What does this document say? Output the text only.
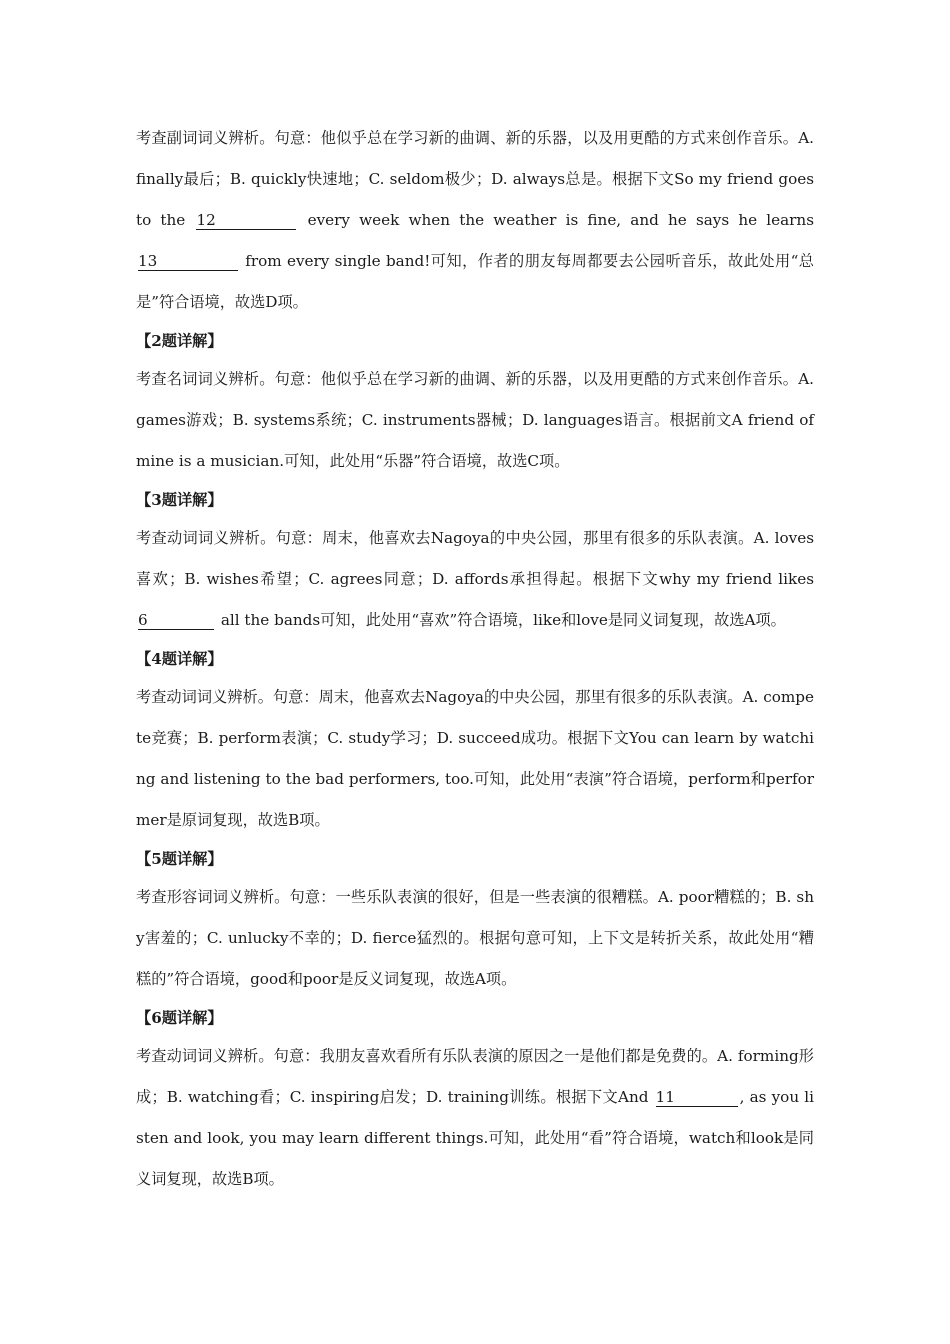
考查副词词义辨析。句意：他似乎总在学习新的曲调、新的乐器，以及用更酷的方式来创作音乐。A. finally最后；B. quickly快速地；C. seldom极少；D. always总是。根据下文So my friend goes to the 12	every week when the weather is fine, and he says he learns 13	from every single band!可知，作者的朋友每周都要去公园听音乐，故此处用“总是”符合语境，故选D项。

【2题详解】

考查名词词义辨析。句意：他似乎总在学习新的曲调、新的乐器，以及用更酷的方式来创作音乐。A. games游戏；B. systems系统；C. instruments器械；D. languages语言。根据前文A friend of mine is a musician.可知，此处用“乐器”符合语境，故选C项。

【3题详解】

考查动词词义辨析。句意：周末，他喜欢去Nagoya的中央公园，那里有很多的乐队表演。A. loves喜欢；B. wishes希望；C. agrees同意；D. affords承担得起。根据下文why my friend likes 6	all the bands可知，此处用“喜欢”符合语境，like和love是同义词复现，故选A项。

【4题详解】

考查动词词义辨析。句意：周末，他喜欢去Nagoya的中央公园，那里有很多的乐队表演。A. compete竞赛；B. perform表演；C. study学习；D. succeed成功。根据下文You can learn by watching and listening to the bad performers, too.可知，此处用“表演”符合语境，perform和performer是原词复现，故选B项。

【5题详解】

考查形容词词义辨析。句意：一些乐队表演的很好，但是一些表演的很糟糕。A. poor糟糕的；B. shy害羞的；C. unlucky不幸的；D. fierce猛烈的。根据句意可知，上下文是转折关系，故此处用“糟糕的”符合语境，good和poor是反义词复现，故选A项。

【6题详解】

考查动词词义辨析。句意：我朋友喜欢看所有乐队表演的原因之一是他们都是免费的。A. forming形成；B. watching看；C. inspiring启发；D. training训练。根据下文And 11	, as you listen and look, you may learn different things.可知，此处用“看”符合语境，watch和look是同义词复现，故选B项。
